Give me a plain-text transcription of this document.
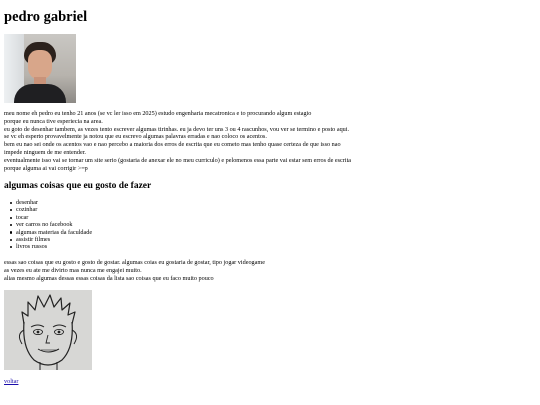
pedro gabriel
meu nome eh pedro eu tenho 21 anos (se vc ler isso em 2025) estudo engenharia mecatronica e to procurando algum estagio
porque eu nunca tive esperiecia na area.
eu goto de desenhar tambem, as vezes tento escrever algumas tirinhas. eu ja devo ter uns 3 ou 4 rascunhos, vou ver se termino e posto aqui.
se vc eh esperto provavelmente ja notou que eu escrevo algumas palavras erradas e nao coloco os acentos.
bem eu nao sei onde os acentos vao e nao percebo a maioria dos erros de escrita que eu cometo mas tenho quase certeza de que isso nao
impede ninguem de me entender.
eventualmente isso vai se tornar um site serio (gostaria de anexar ele no meu curriculo) e pelomenos essa parte vai estar sem erros de escrita
porque alguma ai vai corrigir >=p
algumas coisas que eu gosto de fazer
desenhar
cozinhar
tocar
ver carros no facebook
algumas materias da faculdade
assistir filmes
livros russos
essas sao coisas que eu gosto e gosto de gostar. algumas coias eu gostaria de gostar, tipo jogar videogame
as vezes eu ate me divirto mas nunca me engajei muito.
alias mesmo algumas dessas essas coisas da lista sao coisas que eu faco muito pouco
voltar
